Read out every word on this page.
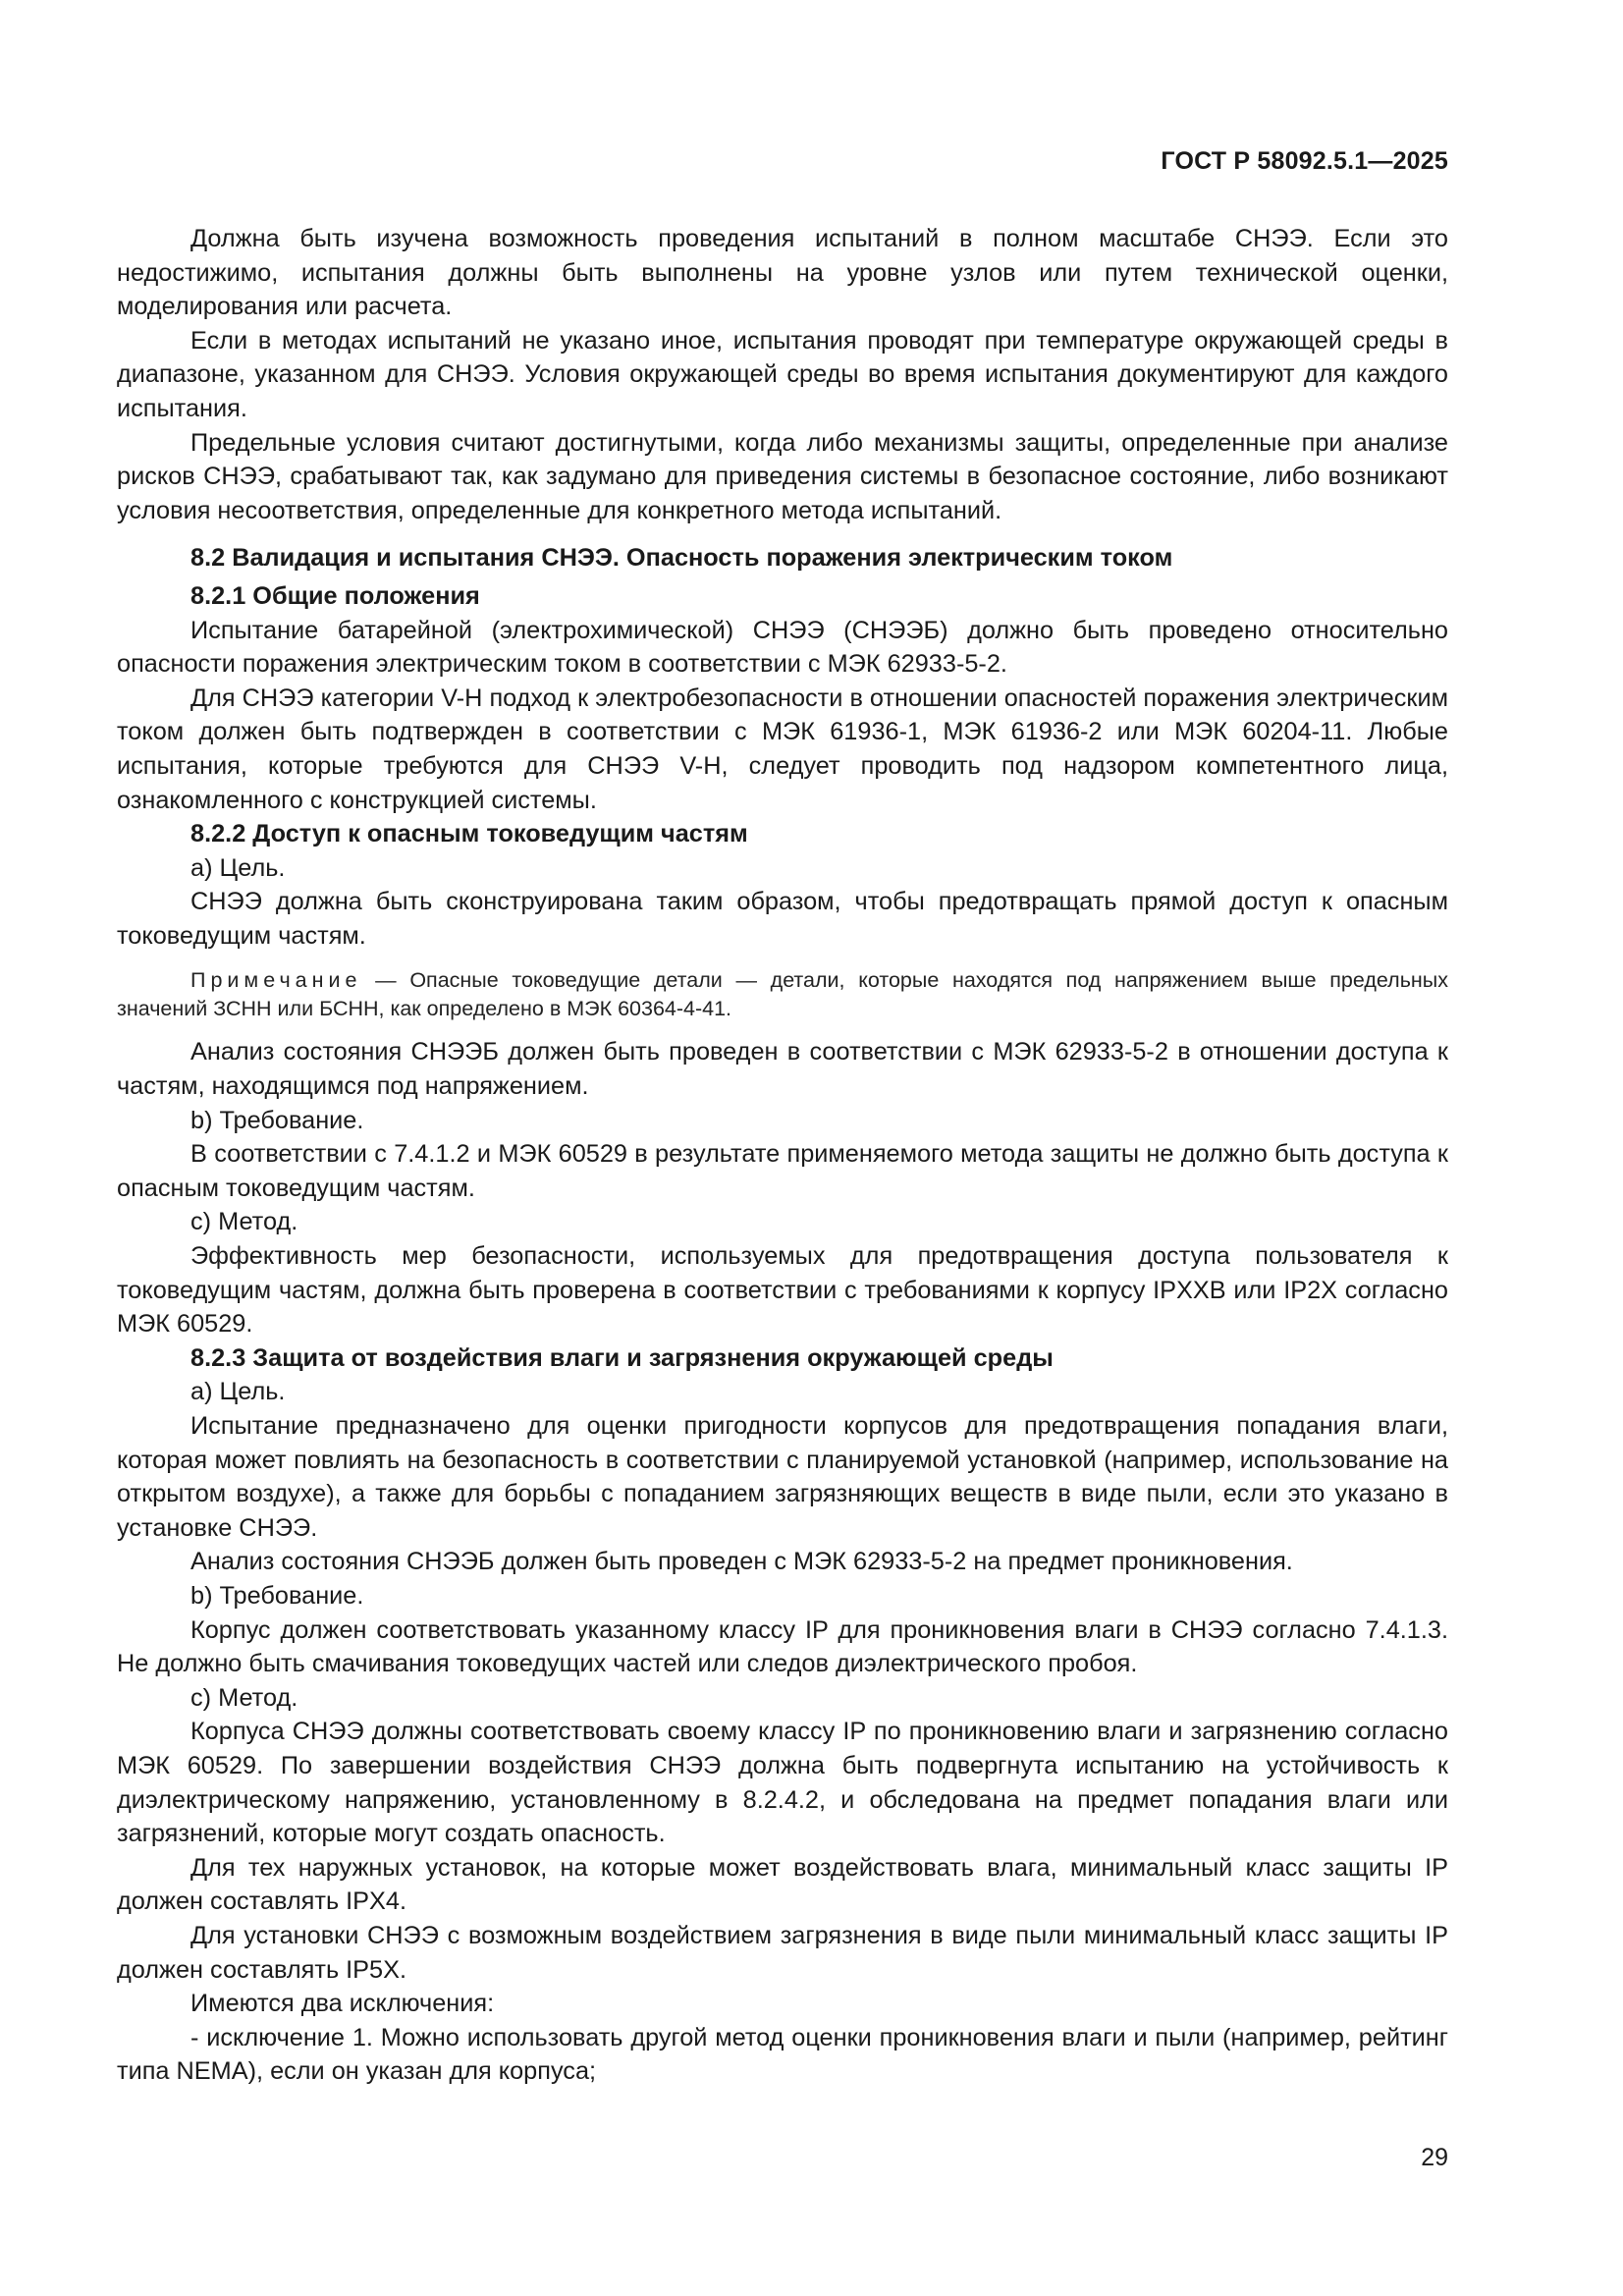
ГОСТ Р 58092.5.1—2025

Должна быть изучена возможность проведения испытаний в полном масштабе СНЭЭ. Если это недостижимо, испытания должны быть выполнены на уровне узлов или путем технической оценки, моделирования или расчета.

Если в методах испытаний не указано иное, испытания проводят при температуре окружающей среды в диапазоне, указанном для СНЭЭ. Условия окружающей среды во время испытания документируют для каждого испытания.

Предельные условия считают достигнутыми, когда либо механизмы защиты, определенные при анализе рисков СНЭЭ, срабатывают так, как задумано для приведения системы в безопасное состояние, либо возникают условия несоответствия, определенные для конкретного метода испытаний.

8.2 Валидация и испытания СНЭЭ. Опасность поражения электрическим током
8.2.1 Общие положения

Испытание батарейной (электрохимической) СНЭЭ (СНЭЭБ) должно быть проведено относительно опасности поражения электрическим током в соответствии с МЭК 62933-5-2.

Для СНЭЭ категории V-H подход к электробезопасности в отношении опасностей поражения электрическим током должен быть подтвержден в соответствии с МЭК 61936-1, МЭК 61936-2 или МЭК 60204-11. Любые испытания, которые требуются для СНЭЭ V-H, следует проводить под надзором компетентного лица, ознакомленного с конструкцией системы.

8.2.2 Доступ к опасным токоведущим частям

a) Цель.

СНЭЭ должна быть сконструирована таким образом, чтобы предотвращать прямой доступ к опасным токоведущим частям.

Примечание — Опасные токоведущие детали — детали, которые находятся под напряжением выше предельных значений ЗСНН или БСНН, как определено в МЭК 60364-4-41.

Анализ состояния СНЭЭБ должен быть проведен в соответствии с МЭК 62933-5-2 в отношении доступа к частям, находящимся под напряжением.

b) Требование.

В соответствии с 7.4.1.2 и МЭК 60529 в результате применяемого метода защиты не должно быть доступа к опасным токоведущим частям.

c) Метод.

Эффективность мер безопасности, используемых для предотвращения доступа пользователя к токоведущим частям, должна быть проверена в соответствии с требованиями к корпусу IPXXB или IP2X согласно МЭК 60529.

8.2.3 Защита от воздействия влаги и загрязнения окружающей среды

a) Цель.

Испытание предназначено для оценки пригодности корпусов для предотвращения попадания влаги, которая может повлиять на безопасность в соответствии с планируемой установкой (например, использование на открытом воздухе), а также для борьбы с попаданием загрязняющих веществ в виде пыли, если это указано в установке СНЭЭ.

Анализ состояния СНЭЭБ должен быть проведен с МЭК 62933-5-2 на предмет проникновения.

b) Требование.

Корпус должен соответствовать указанному классу IP для проникновения влаги в СНЭЭ согласно 7.4.1.3. Не должно быть смачивания токоведущих частей или следов диэлектрического пробоя.

c) Метод.

Корпуса СНЭЭ должны соответствовать своему классу IP по проникновению влаги и загрязнению согласно МЭК 60529. По завершении воздействия СНЭЭ должна быть подвергнута испытанию на устойчивость к диэлектрическому напряжению, установленному в 8.2.4.2, и обследована на предмет попадания влаги или загрязнений, которые могут создать опасность.

Для тех наружных установок, на которые может воздействовать влага, минимальный класс защиты IP должен составлять IPX4.

Для установки СНЭЭ с возможным воздействием загрязнения в виде пыли минимальный класс защиты IP должен составлять IP5X.

Имеются два исключения:

- исключение 1. Можно использовать другой метод оценки проникновения влаги и пыли (например, рейтинг типа NEMA), если он указан для корпуса;

29
